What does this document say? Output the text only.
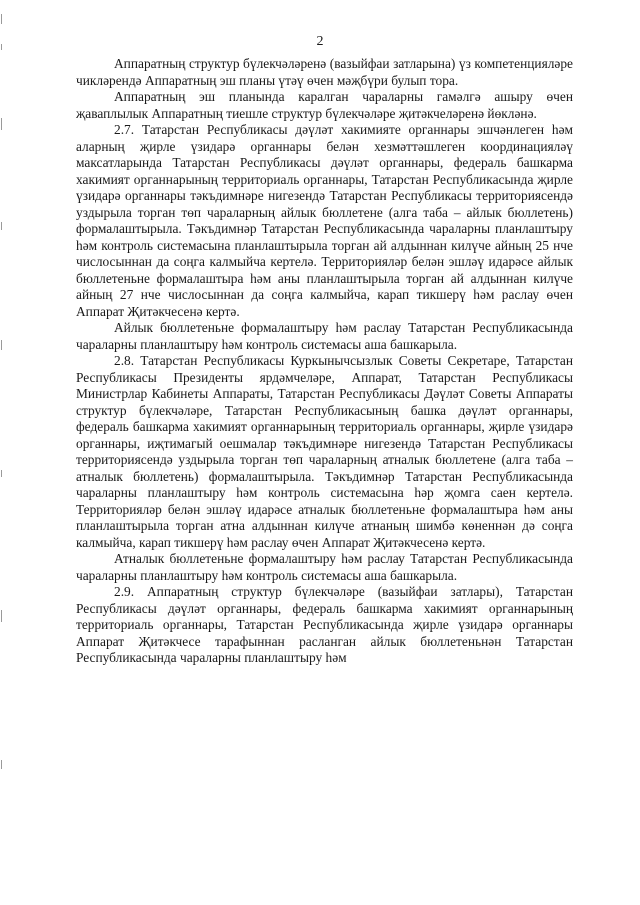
2

Аппаратның структур бүлекчәләренә (вазыйфаи затларына) үз компетенцияләре чикләрендә Аппаратның эш планы үтәү өчен мәҗбүри булып тора.

Аппаратның эш планында каралган чараларны гамәлгә ашыру өчен җаваплылык Аппаратның тиешле структур бүлекчәләре җитәкчеләренә йөкләнә.

2.7. Татарстан Республикасы дәүләт хакимияте органнары эшчәнлеген һәм аларның җирле үзидарә органнары белән хезмәттәшлеген координацияләү максатларында Татарстан Республикасы дәүләт органнары, федераль башкарма хакимият органнарының территориаль органнары, Татарстан Республикасында җирле үзидарә органнары тәкъдимнәре нигезендә Татарстан Республикасы территориясендә уздырыла торган төп чараларның айлык бюллетене (алга таба – айлык бюллетень) формалаштырыла. Тәкъдимнәр Татарстан Республикасында чараларны планлаштыру һәм контроль системасына планлаштырыла торган ай алдыннан килүче айның 25 нче числосыннан да соңга калмыйча кертелә. Территорияләр белән эшләү идарәсе айлык бюллетеньне формалаштыра һәм аны планлаштырыла торган ай алдыннан килүче айның 27 нче числосыннан да соңга калмыйча, карап тикшерү һәм раслау өчен Аппарат Җитәкчесенә кертә.

Айлык бюллетеньне формалаштыру һәм раслау Татарстан Республикасында чараларны планлаштыру һәм контроль системасы аша башкарыла.

2.8. Татарстан Республикасы Куркынычсызлык Советы Секретаре, Татарстан Республикасы Президенты ярдәмчеләре, Аппарат, Татарстан Республикасы Министрлар Кабинеты Аппараты, Татарстан Республикасы Дәүләт Советы Аппараты структур бүлекчәләре, Татарстан Республикасының башка дәүләт органнары, федераль башкарма хакимият органнарының территориаль органнары, җирле үзидарә органнары, иҗтимагый оешмалар тәкъдимнәре нигезендә Татарстан Республикасы территориясендә уздырыла торган төп чараларның атналык бюллетене (алга таба – атналык бюллетень) формалаштырыла. Тәкъдимнәр Татарстан Республикасында чараларны планлаштыру һәм контроль системасына һәр җомга саен кертелә. Территорияләр белән эшләү идарәсе атналык бюллетеньне формалаштыра һәм аны планлаштырыла торган атна алдыннан килүче атнаның шимбә көненнән дә соңга калмыйча, карап тикшерү һәм раслау өчен Аппарат Җитәкчесенә кертә.

Атналык бюллетеньне формалаштыру һәм раслау Татарстан Республикасында чараларны планлаштыру һәм контроль системасы аша башкарыла.

2.9. Аппаратның структур бүлекчәләре (вазыйфаи затлары), Татарстан Республикасы дәүләт органнары, федераль башкарма хакимият органнарының территориаль органнары, Татарстан Республикасында җирле үзидарә органнары Аппарат Җитәкчесе тарафыннан расланган айлык бюллетеньнән Татарстан Республикасында чараларны планлаштыру һәм
